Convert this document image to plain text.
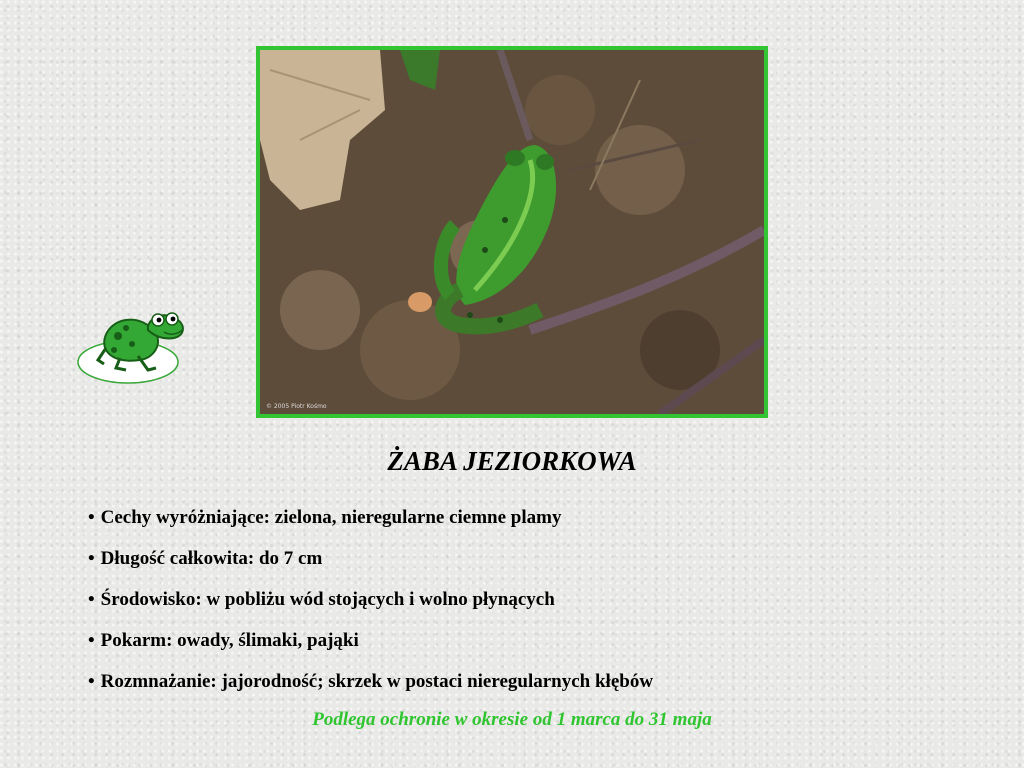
© 2005 Piotr Kośmo
ŻABA JEZIORKOWA
• Cechy wyróżniające: zielona, nieregularne ciemne plamy
• Długość całkowita: do 7 cm
• Środowisko: w pobliżu wód stojących i wolno płynących
• Pokarm: owady, ślimaki, pająki
• Rozmnażanie: jajorodność; skrzek w postaci nieregularnych kłębów
Podlega ochronie w okresie od 1 marca do 31 maja
